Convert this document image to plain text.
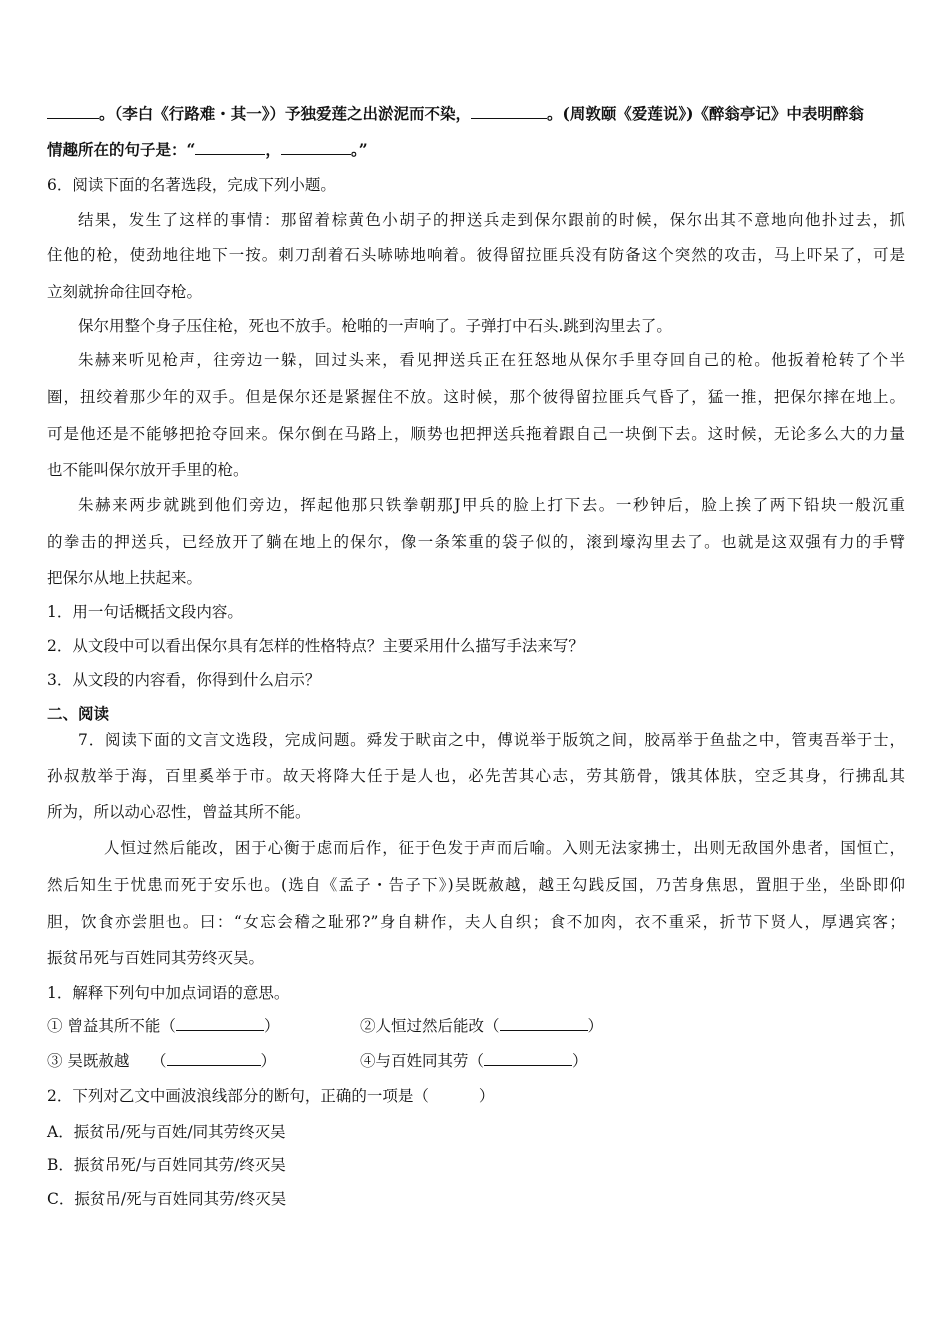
。（李白《行路难・其一》）予独爱莲之出淤泥而不染，	。(周敦颐《爱莲说》)《醉翁亭记》中表明醉翁
情趣所在的句子是：“	，	。”
6．阅读下面的名著选段，完成下列小题。
结果，发生了这样的事情：那留着棕黄色小胡子的押送兵走到保尔跟前的时候，保尔出其不意地向他扑过去，抓
住他的枪，使劲地往地下一按。刺刀刮着石头哧哧地响着。彼得留拉匪兵没有防备这个突然的攻击，马上吓呆了，可是
立刻就拚命往回夺枪。
保尔用整个身子压住枪，死也不放手。枪啪的一声响了。子弹打中石头.跳到沟里去了。
朱赫来听见枪声，往旁边一躲，回过头来，看见押送兵正在狂怒地从保尔手里夺回自己的枪。他扳着枪转了个半
圈，扭绞着那少年的双手。但是保尔还是紧握住不放。这时候，那个彼得留拉匪兵气昏了，猛一推，把保尔摔在地上。
可是他还是不能够把抢夺回来。保尔倒在马路上，顺势也把押送兵拖着跟自己一块倒下去。这时候，无论多么大的力量
也不能叫保尔放开手里的枪。
朱赫来两步就跳到他们旁边，挥起他那只铁拳朝那J甲兵的脸上打下去。一秒钟后，脸上挨了两下铅块一般沉重
的拳击的押送兵，已经放开了躺在地上的保尔，像一条笨重的袋子似的，滚到壕沟里去了。也就是这双强有力的手臂
把保尔从地上扶起来。
1．用一句话概括文段内容。
2．从文段中可以看出保尔具有怎样的性格特点？主要采用什么描写手法来写？
3．从文段的内容看，你得到什么启示？
二、阅读
7．阅读下面的文言文选段，完成问题。舜发于畎亩之中，傅说举于版筑之间，胶鬲举于鱼盐之中，管夷吾举于士，
孙叔敖举于海，百里奚举于市。故天将降大任于是人也，必先苦其心志，劳其筋骨，饿其体肤，空乏其身，行拂乱其
所为，所以动心忍性，曾益其所不能。
人恒过然后能改，困于心衡于虑而后作，征于色发于声而后喻。入则无法家拂士，出则无敌国外患者，国恒亡，
然后知生于忧患而死于安乐也。(选自《孟子・告子下》)吴既赦越，越王勾践反国，乃苦身焦思，置胆于坐，坐卧即仰
胆，饮食亦尝胆也。曰：“女忘会稽之耻邪?”身自耕作，夫人自织；食不加肉，衣不重采，折节下贤人，厚遇宾客；
振贫吊死与百姓同其劳终灭吴。
1．解释下列句中加点词语的意思。
① 曾益其所不能（	）	②人恒过然后能改（	）
③ 吴既赦越 （	）	④与百姓同其劳（	）
2．下列对乙文中画波浪线部分的断句，正确的一项是（	）
A．振贫吊/死与百姓/同其劳终灭吴
B．振贫吊死/与百姓同其劳/终灭吴
C．振贫吊/死与百姓同其劳/终灭吴
